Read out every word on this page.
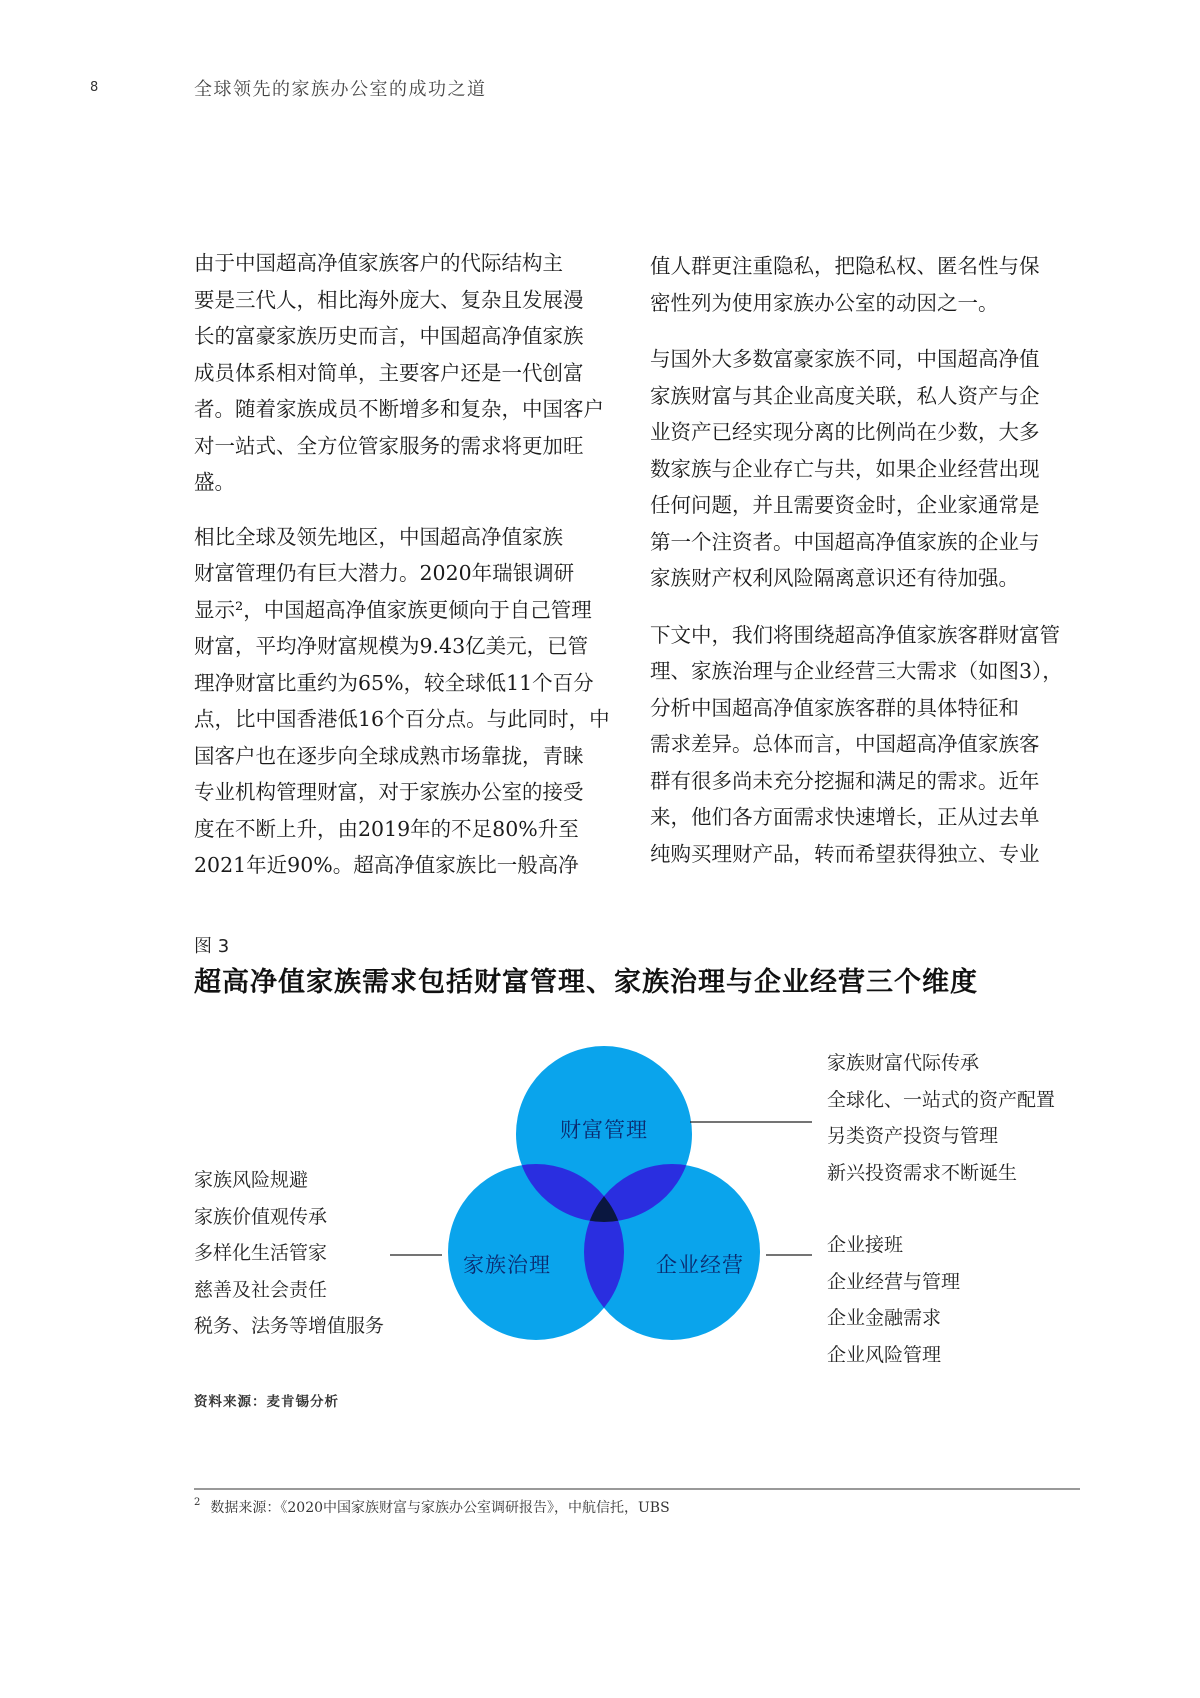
8	全球领先的家族办公室的成功之道

由于中国超高净值家族客户的代际结构主
要是三代人，相比海外庞大、复杂且发展漫
长的富豪家族历史而言，中国超高净值家族
成员体系相对简单，主要客户还是一代创富
者。随着家族成员不断增多和复杂，中国客户
对一站式、全方位管家服务的需求将更加旺
盛。

相比全球及领先地区，中国超高净值家族
财富管理仍有巨大潜力。2020年瑞银调研
显示²，中国超高净值家族更倾向于自己管理
财富，平均净财富规模为9.43亿美元，已管
理净财富比重约为65%，较全球低11个百分
点，比中国香港低16个百分点。与此同时，中
国客户也在逐步向全球成熟市场靠拢，青睐
专业机构管理财富，对于家族办公室的接受
度在不断上升，由2019年的不足80%升至
2021年近90%。超高净值家族比一般高净

值人群更注重隐私，把隐私权、匿名性与保
密性列为使用家族办公室的动因之一。

与国外大多数富豪家族不同，中国超高净值
家族财富与其企业高度关联，私人资产与企
业资产已经实现分离的比例尚在少数，大多
数家族与企业存亡与共，如果企业经营出现
任何问题，并且需要资金时，企业家通常是
第一个注资者。中国超高净值家族的企业与
家族财产权利风险隔离意识还有待加强。

下文中，我们将围绕超高净值家族客群财富管
理、家族治理与企业经营三大需求（如图3），
分析中国超高净值家族客群的具体特征和
需求差异。总体而言，中国超高净值家族客
群有很多尚未充分挖掘和满足的需求。近年
来，他们各方面需求快速增长，正从过去单
纯购买理财产品，转而希望获得独立、专业

图 3
超高净值家族需求包括财富管理、家族治理与企业经营三个维度
财富管理
家族治理	企业经营
家族财富代际传承
全球化、一站式的资产配置
另类资产投资与管理
新兴投资需求不断诞生
家族风险规避
家族价值观传承
多样化生活管家
慈善及社会责任
税务、法务等增值服务
企业接班
企业经营与管理
企业金融需求
企业风险管理
资料来源：麦肯锡分析
$^2$ 数据来源：《2020中国家族财富与家族办公室调研报告》，中航信托，UBS
